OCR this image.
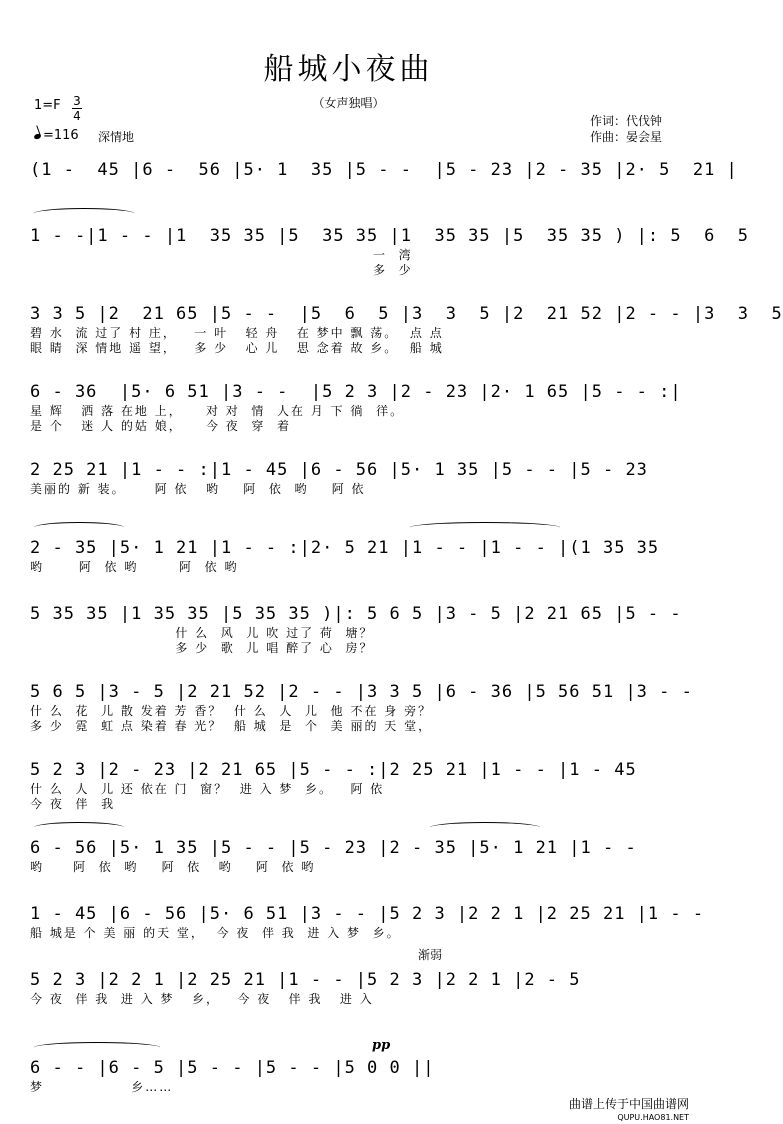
船城小夜曲
（女声独唱）
1=F 3
4
=116 深情地
作词：代伐钟
作曲：晏会星
(1 -  45 |6 -  56 |5· 1  35 |5 - -  |5 - 23 |2 - 35 |2· 5  21 |
1 - -|1 - - |1  35 35 |5  35 35 |1  35 35 |5  35 35 ) |: 5  6  5
一  湾
多  少
3 3 5 |2  21 65 |5 - -  |5  6  5 |3  3  5 |2  21 52 |2 - - |3  3  5
碧 水  流 过了 村 庄，   一 叶   轻 舟   在 梦中 飘 荡。  点 点
眼 睛  深 情地 遥 望，   多 少   心 儿   思 念着 故 乡。  船 城
6 - 36  |5· 6 51 |3 - -  |5 2 3 |2 - 23 |2· 1 65 |5 - - :|
星 辉   洒 落 在地 上，    对 对  情  人在 月 下 徜  徉。
是 个   迷 人 的姑 娘，    今 夜  穿  着
2 25 21 |1 - - :|1 - 45 |6 - 56 |5· 1 35 |5 - - |5 - 23
美丽的 新 装。     阿 依   哟    阿  依  哟    阿 依
2 - 35 |5· 1 21 |1 - - :|2· 5 21 |1 - - |1 - - |(1 35 35
哟      阿  依 哟       阿  依 哟
5 35 35 |1 35 35 |5 35 35 )|: 5 6 5 |3 - 5 |2 21 65 |5 - -
什 么  风  儿 吹 过了 荷  塘？
多 少  歌  儿 唱 醉了 心  房？
5 6 5 |3 - 5 |2 21 52 |2 - - |3 3 5 |6 - 36 |5 56 51 |3 - -
什 么  花  儿 散 发着 芳 香？  什 么  人  儿  他 不在 身 旁？
多 少  霓  虹 点 染着 春 光？  船 城  是  个  美 丽的 天 堂，
5 2 3 |2 - 23 |2 21 65 |5 - - :|2 25 21 |1 - - |1 - 45
什 么  人  儿 还 依在 门  窗？  进 入 梦  乡。   阿 依
今 夜  伴  我
6 - 56 |5· 1 35 |5 - - |5 - 23 |2 - 35 |5· 1 21 |1 - -
哟     阿  依  哟    阿  依   哟    阿  依 哟
1 - 45 |6 - 56 |5· 6 51 |3 - - |5 2 3 |2 2 1 |2 25 21 |1 - -
船 城是 个 美 丽 的天 堂，  今 夜  伴 我  进 入 梦  乡。
渐弱
5 2 3 |2 2 1 |2 25 21 |1 - - |5 2 3 |2 2 1 |2 - 5
今 夜  伴 我  进 入 梦   乡，   今 夜   伴 我   进 入
pp
6 - - |6 - 5 |5 - - |5 - - |5 0 0 ||
梦               乡……
曲谱上传于中国曲谱网
QUPU.HAO81.NET
